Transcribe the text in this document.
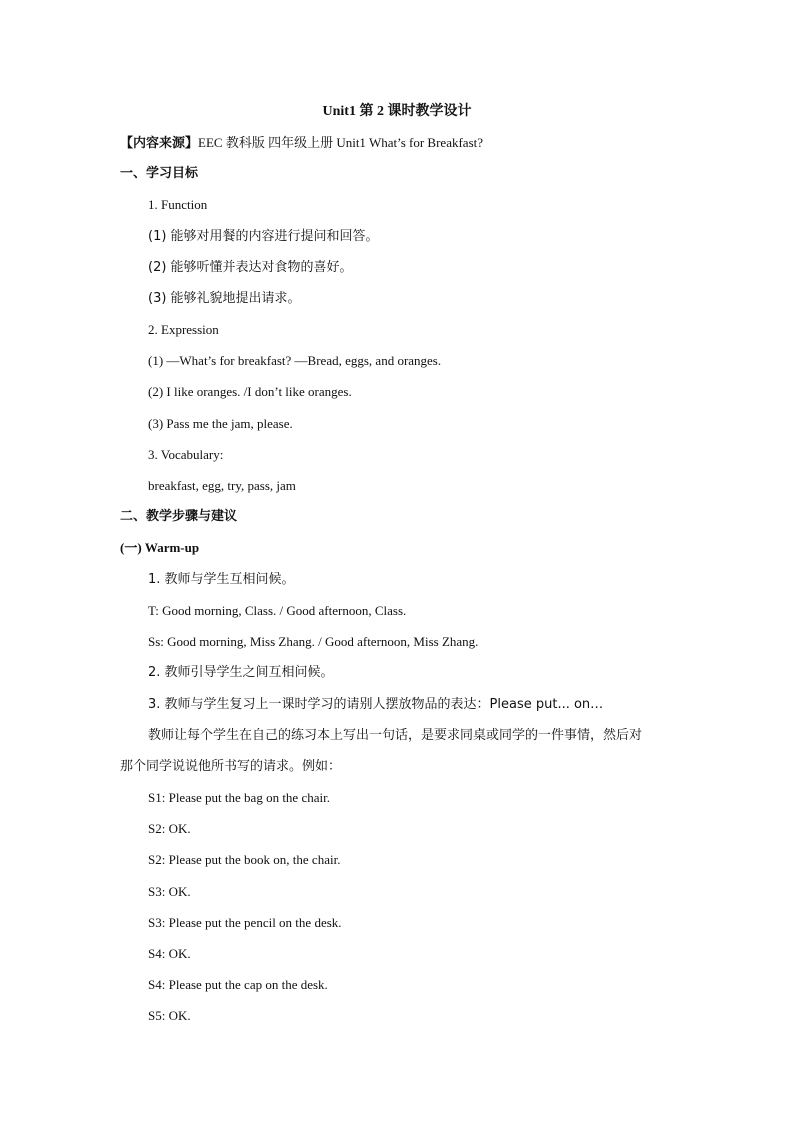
Unit1 第 2 课时教学设计
【内容来源】EEC 教科版 四年级上册 Unit1 What’s for Breakfast?
一、学习目标
1. Function
(1) 能够对用餐的内容进行提问和回答。
(2) 能够听懂并表达对食物的喜好。
(3) 能够礼貌地提出请求。
2. Expression
(1) —What’s for breakfast? —Bread, eggs, and oranges.
(2) I like oranges. /I don’t like oranges.
(3) Pass me the jam, please.
3. Vocabulary:
breakfast, egg, try, pass, jam
二、教学步骤与建议
(一) Warm-up
1. 教师与学生互相问候。
T: Good morning, Class. / Good afternoon, Class.
Ss: Good morning, Miss Zhang. / Good afternoon, Miss Zhang.
2. 教师引导学生之间互相问候。
3. 教师与学生复习上一课时学习的请别人摆放物品的表达：Please put... on…
教师让每个学生在自己的练习本上写出一句话，是要求同桌或同学的一件事情，然后对
那个同学说说他所书写的请求。例如：
S1: Please put the bag on the chair.
S2: OK.
S2: Please put the book on, the chair.
S3: OK.
S3: Please put the pencil on the desk.
S4: OK.
S4: Please put the cap on the desk.
S5: OK.
